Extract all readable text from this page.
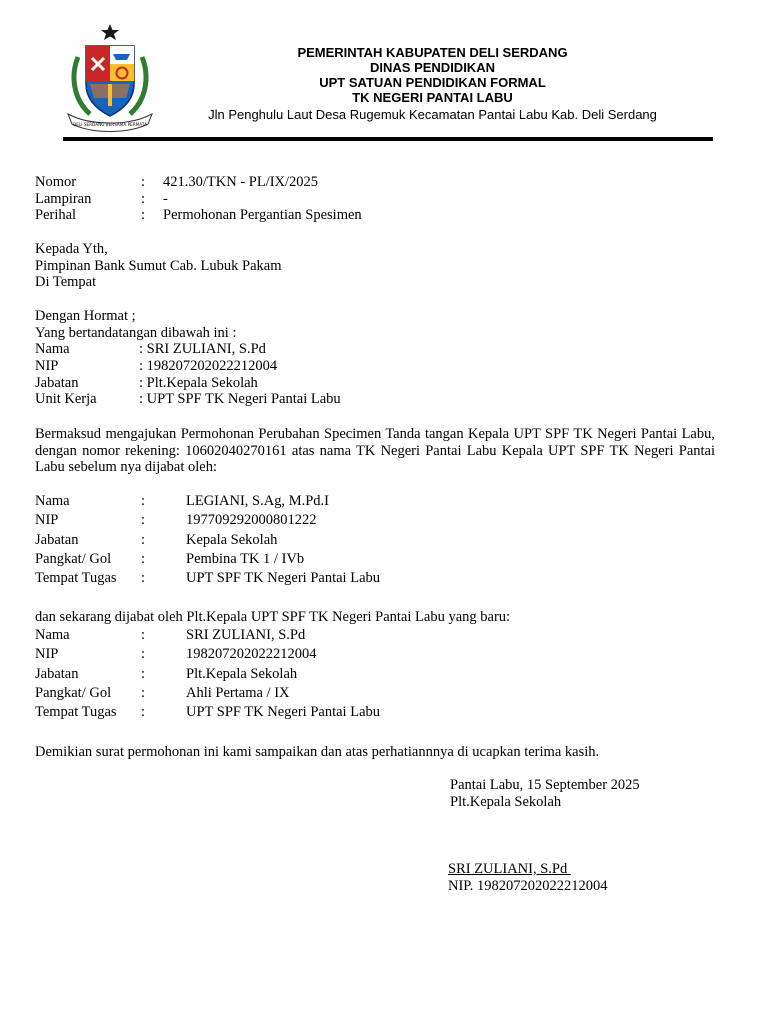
DELI SERDANG BERSAMA PERMATA
PEMERINTAH KABUPATEN DELI SERDANG
DINAS PENDIDIKAN
UPT SATUAN PENDIDIKAN FORMAL
TK NEGERI PANTAI LABU
Jln Penghulu Laut Desa Rugemuk Kecamatan Pantai Labu Kab. Deli Serdang
Nomor	: 421.30/TKN - PL/IX/2025
Lampiran	: -
Perihal	: Permohonan Pergantian Spesimen
Kepada Yth,
Pimpinan Bank Sumut Cab. Lubuk Pakam
Di Tempat
Dengan Hormat ;
Yang bertandatangan dibawah ini :
Nama	: SRI ZULIANI, S.Pd
NIP	: 198207202022212004
Jabatan	: Plt.Kepala Sekolah
Unit Kerja	: UPT SPF TK Negeri Pantai Labu
Bermaksud mengajukan Permohonan Perubahan Specimen Tanda tangan Kepala UPT SPF TK Negeri Pantai Labu, dengan nomor rekening: 10602040270161 atas nama TK Negeri Pantai Labu Kepala UPT SPF TK Negeri Pantai Labu sebelum nya dijabat oleh:
Nama	:	LEGIANI, S.Ag, M.Pd.I
NIP	:	197709292000801222
Jabatan	:	Kepala Sekolah
Pangkat/ Gol :	Pembina TK 1 / IVb
Tempat Tugas :	UPT SPF TK Negeri Pantai Labu
dan sekarang dijabat oleh Plt.Kepala UPT SPF TK Negeri Pantai Labu yang baru:
Nama	:	SRI ZULIANI, S.Pd
NIP	:	198207202022212004
Jabatan	:	Plt.Kepala Sekolah
Pangkat/ Gol :	Ahli Pertama / IX
Tempat Tugas :	UPT SPF TK Negeri Pantai Labu
Demikian surat permohonan ini kami sampaikan dan atas perhatiannnya di ucapkan terima kasih.
Pantai Labu, 15 September 2025
Plt.Kepala Sekolah
SRI ZULIANI, S.Pd
NIP. 198207202022212004
